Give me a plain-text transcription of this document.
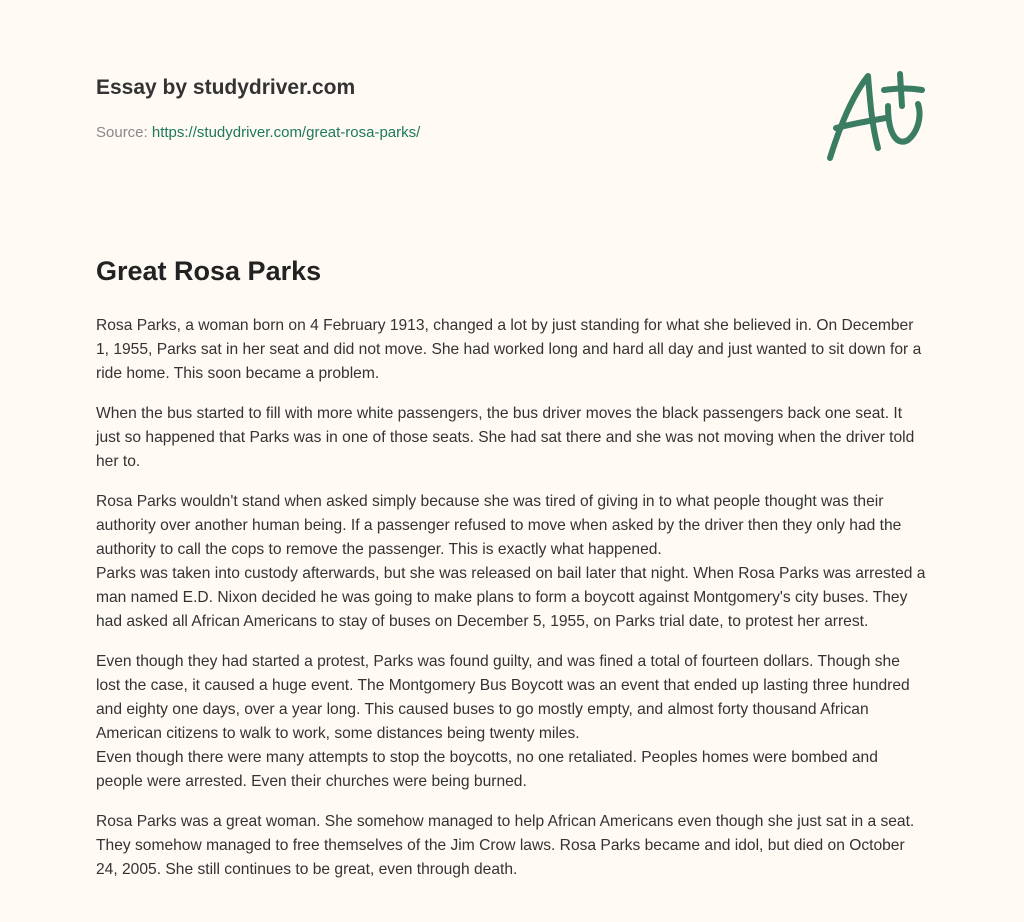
Essay by studydriver.com
Source: https://studydriver.com/great-rosa-parks/
Great Rosa Parks

Rosa Parks, a woman born on 4 February 1913, changed a lot by just standing for what she believed in. On December 1, 1955, Parks sat in her seat and did not move. She had worked long and hard all day and just wanted to sit down for a ride home. This soon became a problem.

When the bus started to fill with more white passengers, the bus driver moves the black passengers back one seat. It just so happened that Parks was in one of those seats. She had sat there and she was not moving when the driver told her to.

Rosa Parks wouldn't stand when asked simply because she was tired of giving in to what people thought was their authority over another human being. If a passenger refused to move when asked by the driver then they only had the authority to call the cops to remove the passenger. This is exactly what happened.

Parks was taken into custody afterwards, but she was released on bail later that night. When Rosa Parks was arrested a man named E.D. Nixon decided he was going to make plans to form a boycott against Montgomery's city buses. They had asked all African Americans to stay of buses on December 5, 1955, on Parks trial date, to protest her arrest.

Even though they had started a protest, Parks was found guilty, and was fined a total of fourteen dollars. Though she lost the case, it caused a huge event. The Montgomery Bus Boycott was an event that ended up lasting three hundred and eighty one days, over a year long. This caused buses to go mostly empty, and almost forty thousand African American citizens to walk to work, some distances being twenty miles.

Even though there were many attempts to stop the boycotts, no one retaliated. Peoples homes were bombed and people were arrested. Even their churches were being burned.

Rosa Parks was a great woman. She somehow managed to help African Americans even though she just sat in a seat. They somehow managed to free themselves of the Jim Crow laws. Rosa Parks became and idol, but died on October 24, 2005. She still continues to be great, even through death.
